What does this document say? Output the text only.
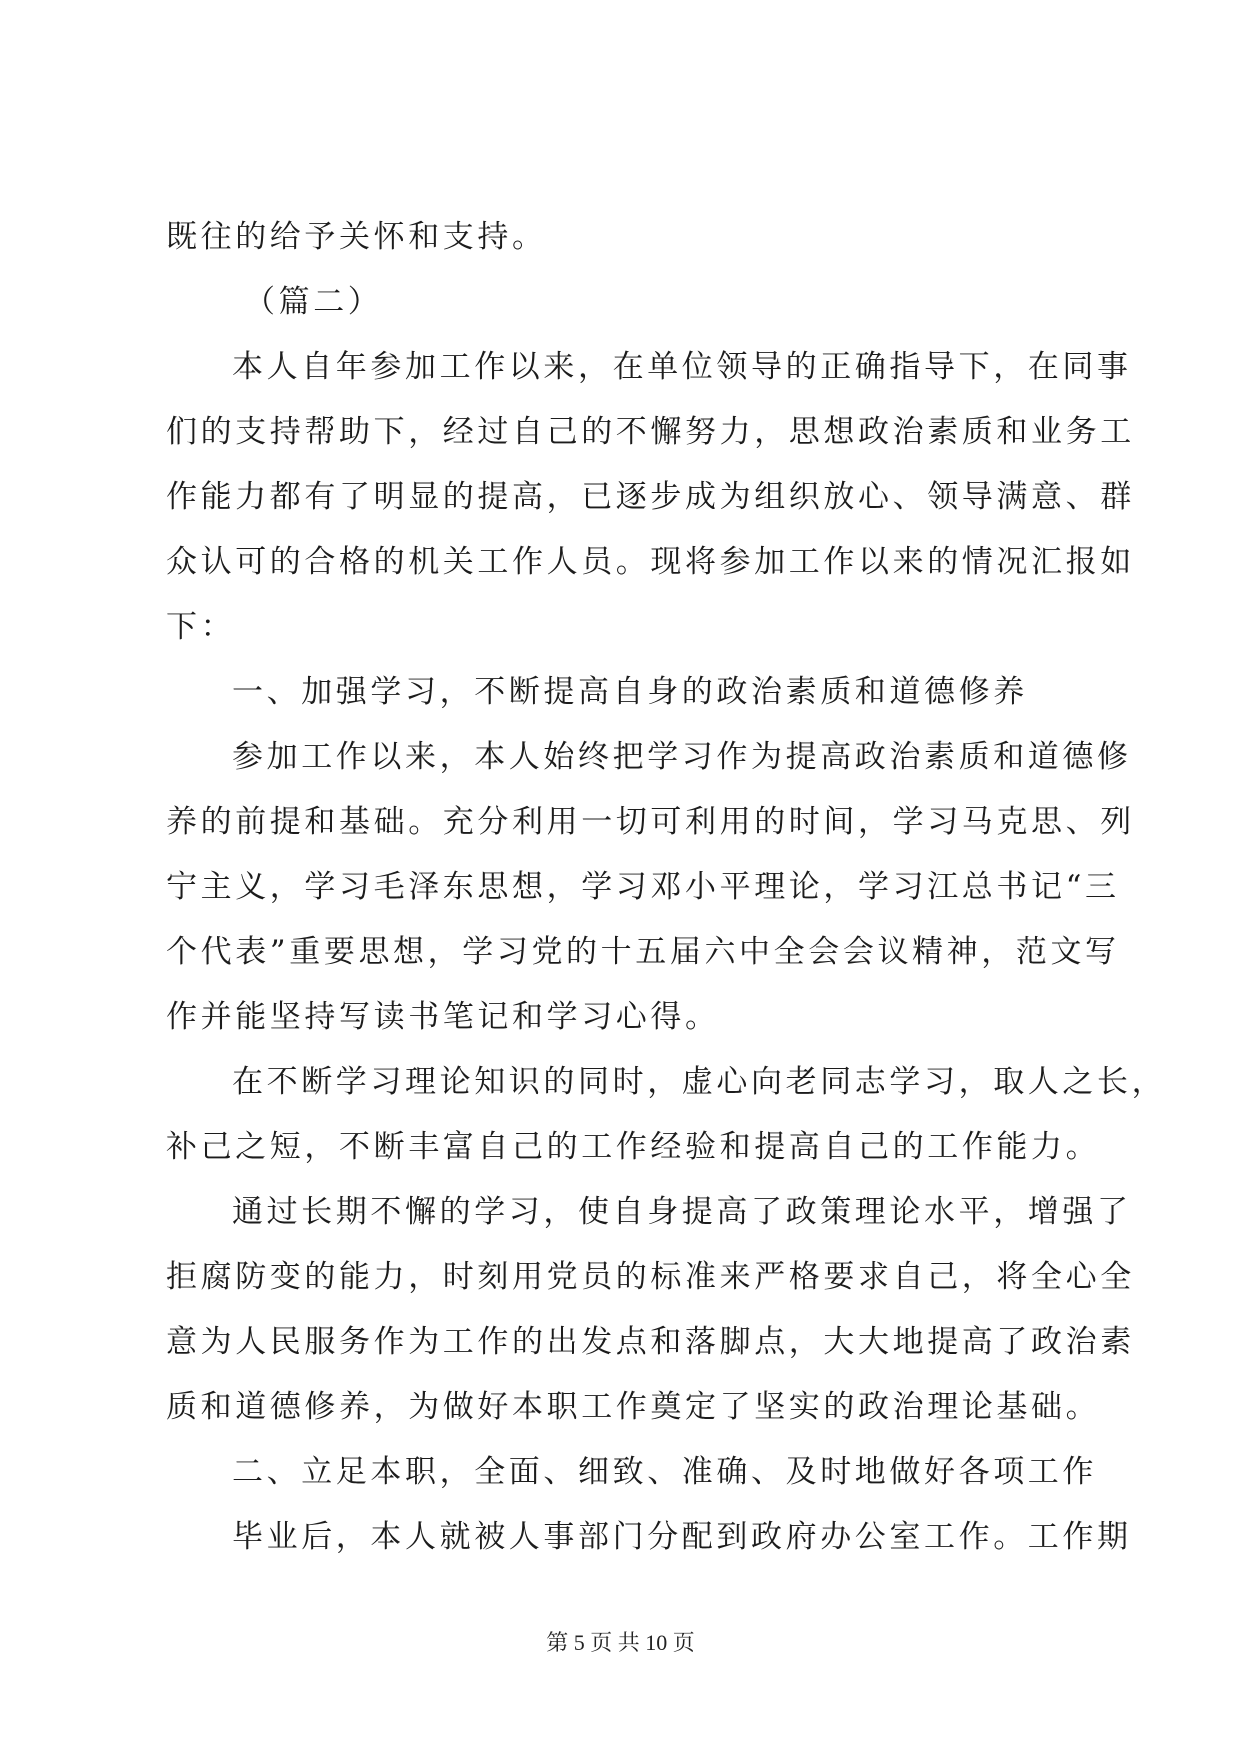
既往的给予关怀和支持。
（篇二）
本人自年参加工作以来，在单位领导的正确指导下，在同事
们的支持帮助下，经过自己的不懈努力，思想政治素质和业务工
作能力都有了明显的提高，已逐步成为组织放心、领导满意、群
众认可的合格的机关工作人员。现将参加工作以来的情况汇报如
下：
一、加强学习，不断提高自身的政治素质和道德修养
参加工作以来，本人始终把学习作为提高政治素质和道德修
养的前提和基础。充分利用一切可利用的时间，学习马克思、列
宁主义，学习毛泽东思想，学习邓小平理论，学习江总书记“三
个代表”重要思想，学习党的十五届六中全会会议精神，范文写
作并能坚持写读书笔记和学习心得。
在不断学习理论知识的同时，虚心向老同志学习，取人之长，
补己之短，不断丰富自己的工作经验和提高自己的工作能力。
通过长期不懈的学习，使自身提高了政策理论水平，增强了
拒腐防变的能力，时刻用党员的标准来严格要求自己，将全心全
意为人民服务作为工作的出发点和落脚点，大大地提高了政治素
质和道德修养，为做好本职工作奠定了坚实的政治理论基础。
二、立足本职，全面、细致、准确、及时地做好各项工作
毕业后，本人就被人事部门分配到政府办公室工作。工作期
第 5 页 共 10 页
